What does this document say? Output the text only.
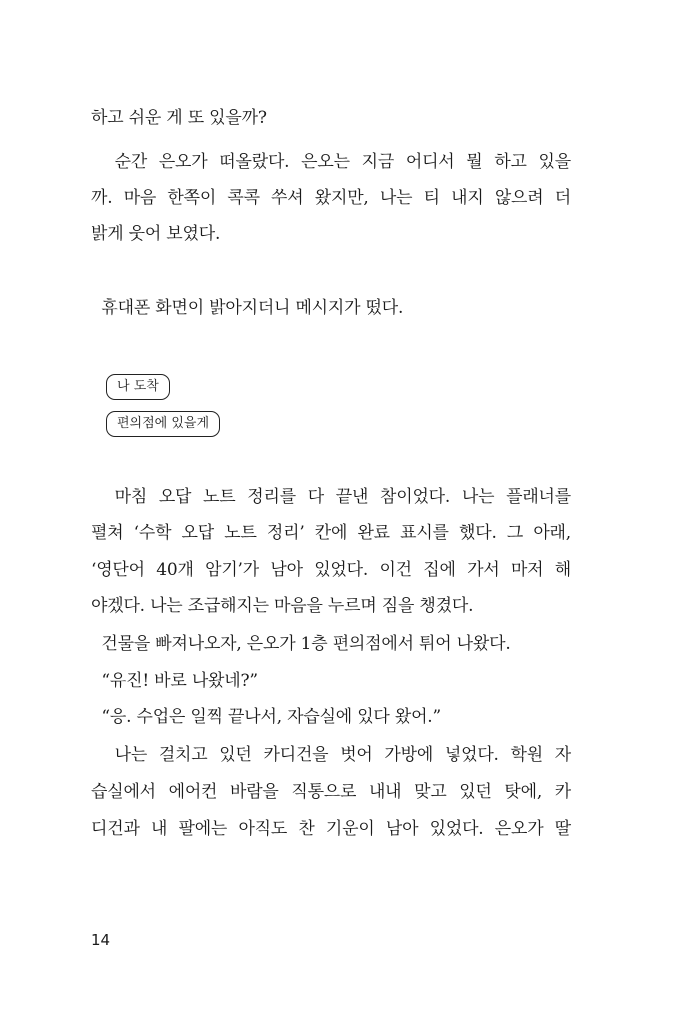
하고 쉬운 게 또 있을까?
순간 은오가 떠올랐다. 은오는 지금 어디서 뭘 하고 있을
까. 마음 한쪽이 콕콕 쑤셔 왔지만, 나는 티 내지 않으려 더
밝게 웃어 보였다.
휴대폰 화면이 밝아지더니 메시지가 떴다.
나 도착
편의점에 있을게
마침 오답 노트 정리를 다 끝낸 참이었다. 나는 플래너를
펼쳐 ‘수학 오답 노트 정리’ 칸에 완료 표시를 했다. 그 아래,
‘영단어 40개 암기’가 남아 있었다. 이건 집에 가서 마저 해
야겠다. 나는 조급해지는 마음을 누르며 짐을 챙겼다.
건물을 빠져나오자, 은오가 1층 편의점에서 튀어 나왔다.
“유진! 바로 나왔네?”
“응. 수업은 일찍 끝나서, 자습실에 있다 왔어.”
나는 걸치고 있던 카디건을 벗어 가방에 넣었다. 학원 자
습실에서 에어컨 바람을 직통으로 내내 맞고 있던 탓에, 카
디건과 내 팔에는 아직도 찬 기운이 남아 있었다. 은오가 딸
14
